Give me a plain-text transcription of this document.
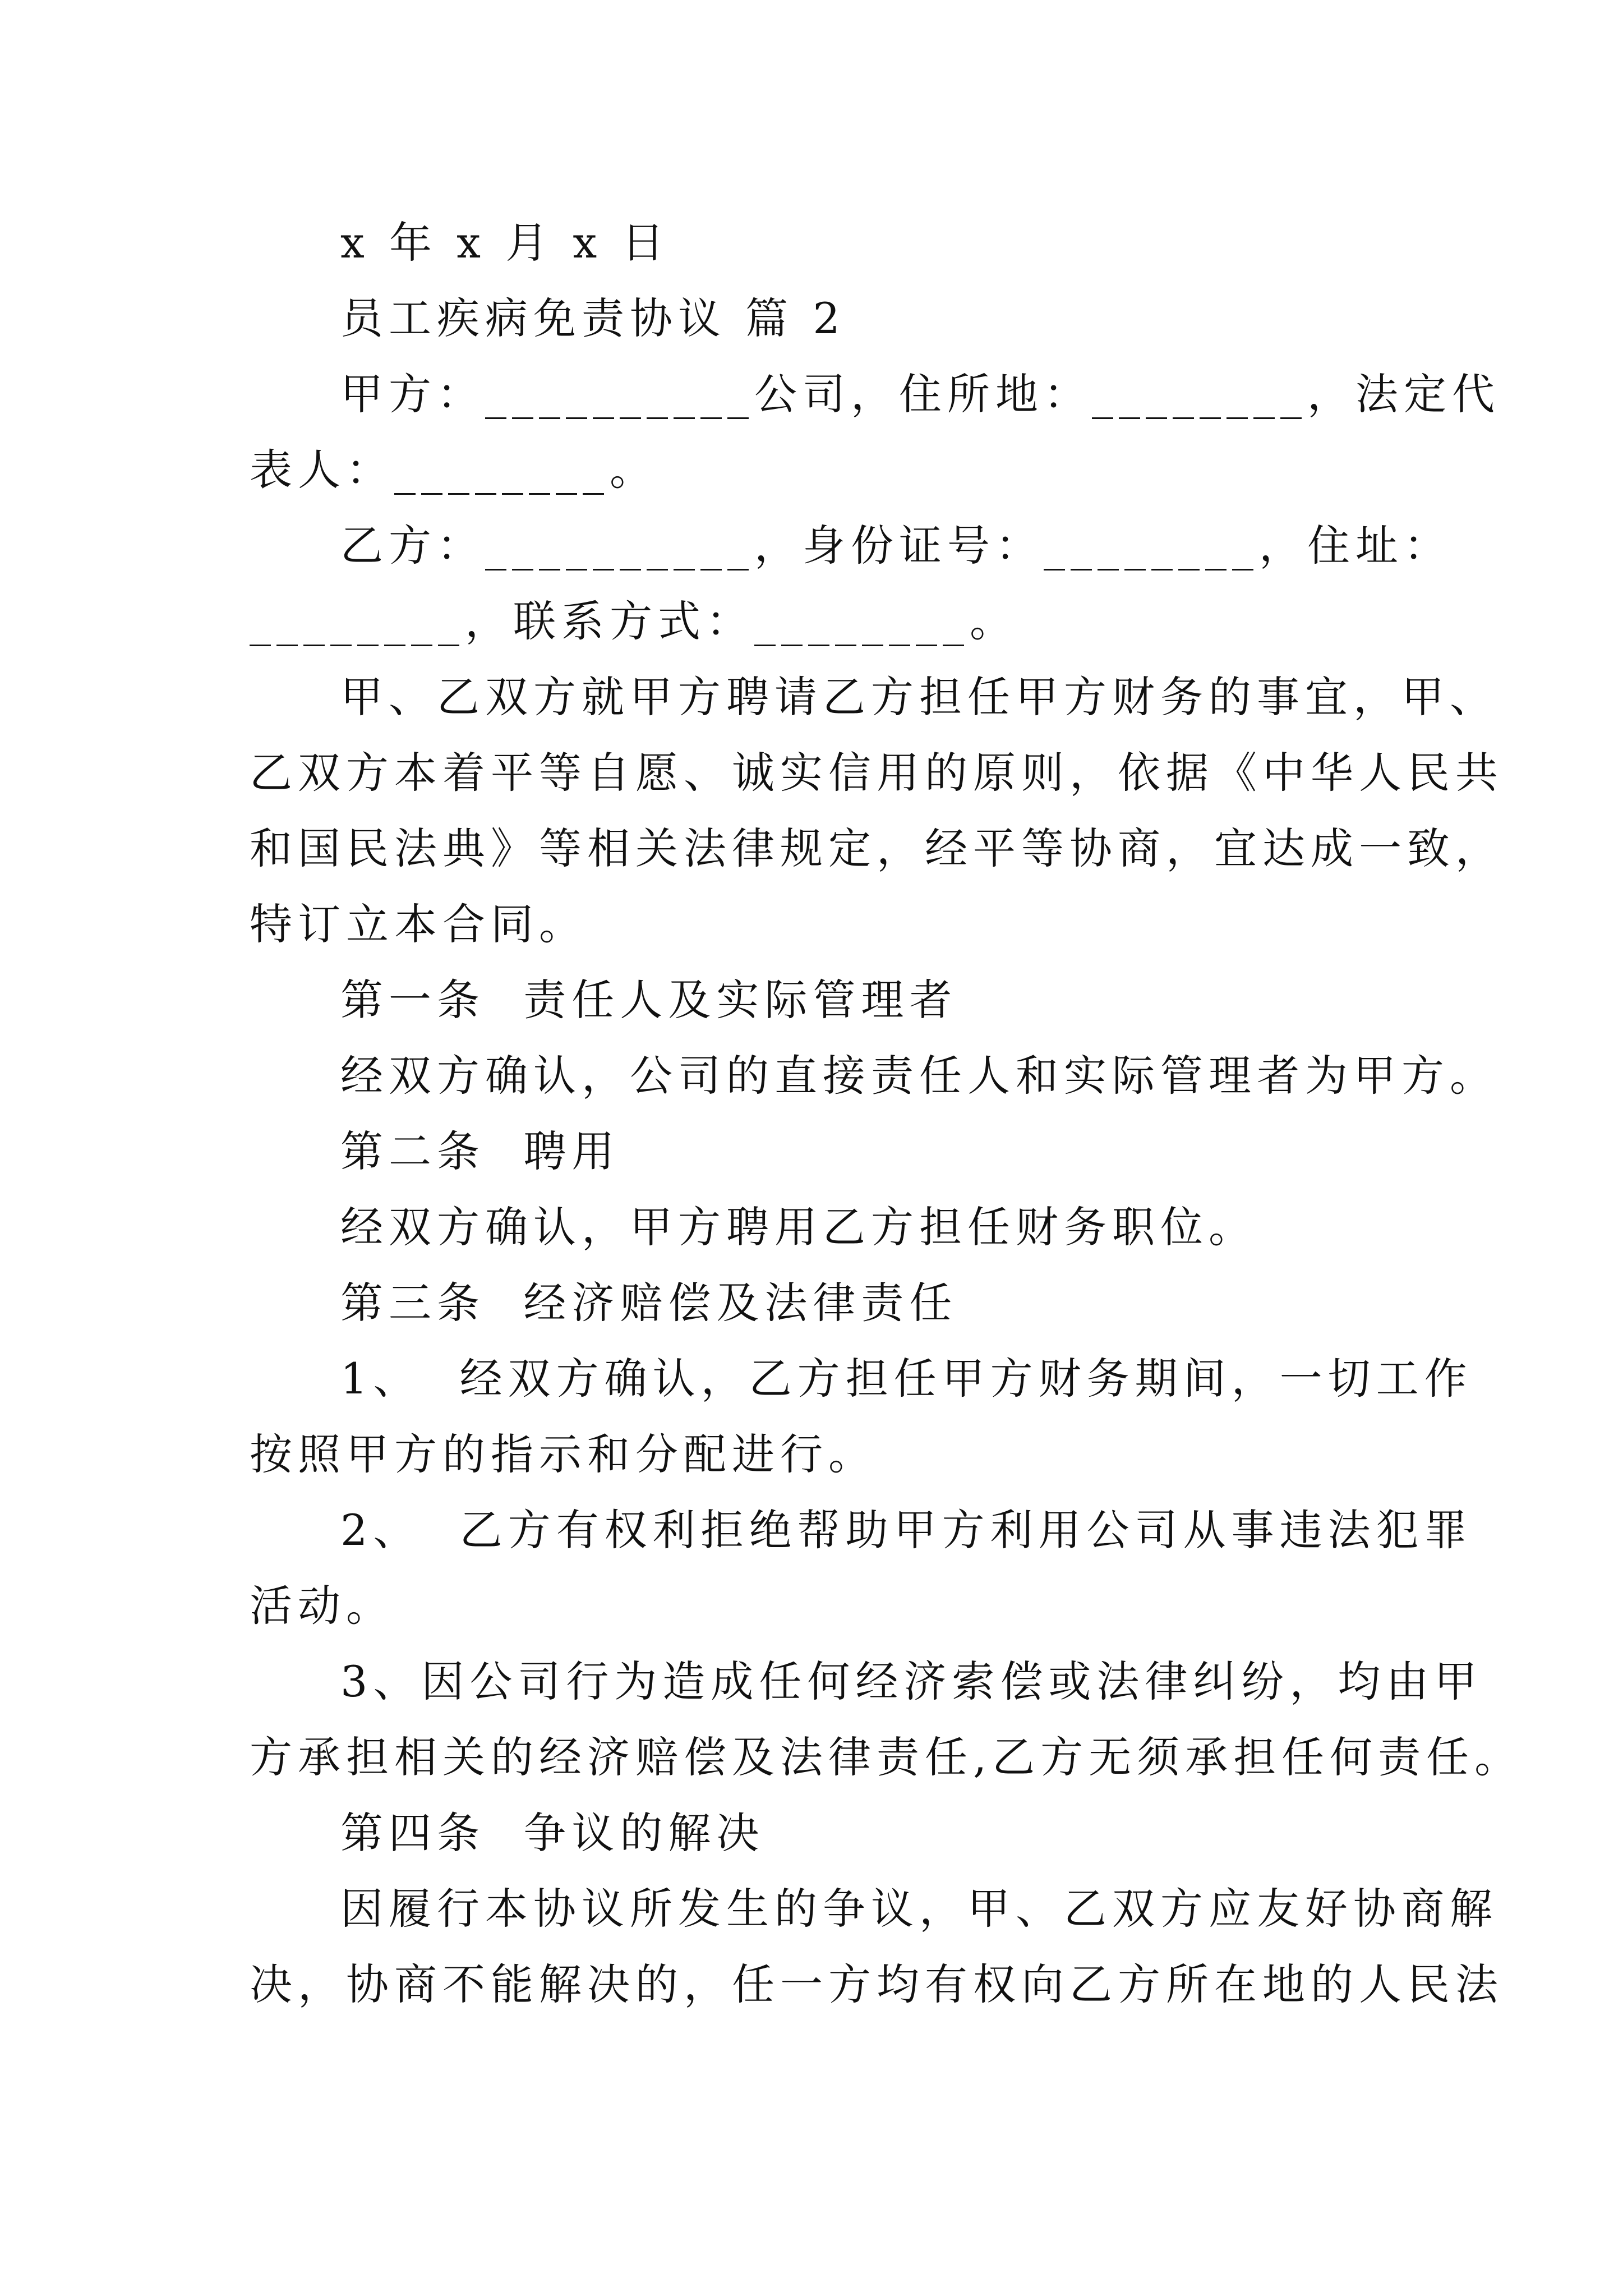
x 年 x 月 x 日
员工疾病免责协议 篇 2
甲方：__________公司，住所地：________，法定代
表人：________。
乙方：__________，身份证号：________，住址：
________，联系方式：________。
甲、乙双方就甲方聘请乙方担任甲方财务的事宜，甲、
乙双方本着平等自愿、诚实信用的原则，依据《中华人民共
和国民法典》等相关法律规定，经平等协商，宜达成一致，
特订立本合同。
第一条  责任人及实际管理者
经双方确认，公司的直接责任人和实际管理者为甲方。
第二条  聘用
经双方确认，甲方聘用乙方担任财务职位。
第三条  经济赔偿及法律责任
1、  经双方确认，乙方担任甲方财务期间，一切工作
按照甲方的指示和分配进行。
2、  乙方有权利拒绝帮助甲方利用公司从事违法犯罪
活动。
3、因公司行为造成任何经济索偿或法律纠纷，均由甲
方承担相关的经济赔偿及法律责任,乙方无须承担任何责任。
第四条  争议的解决
因履行本协议所发生的争议，甲、乙双方应友好协商解
决，协商不能解决的，任一方均有权向乙方所在地的人民法
